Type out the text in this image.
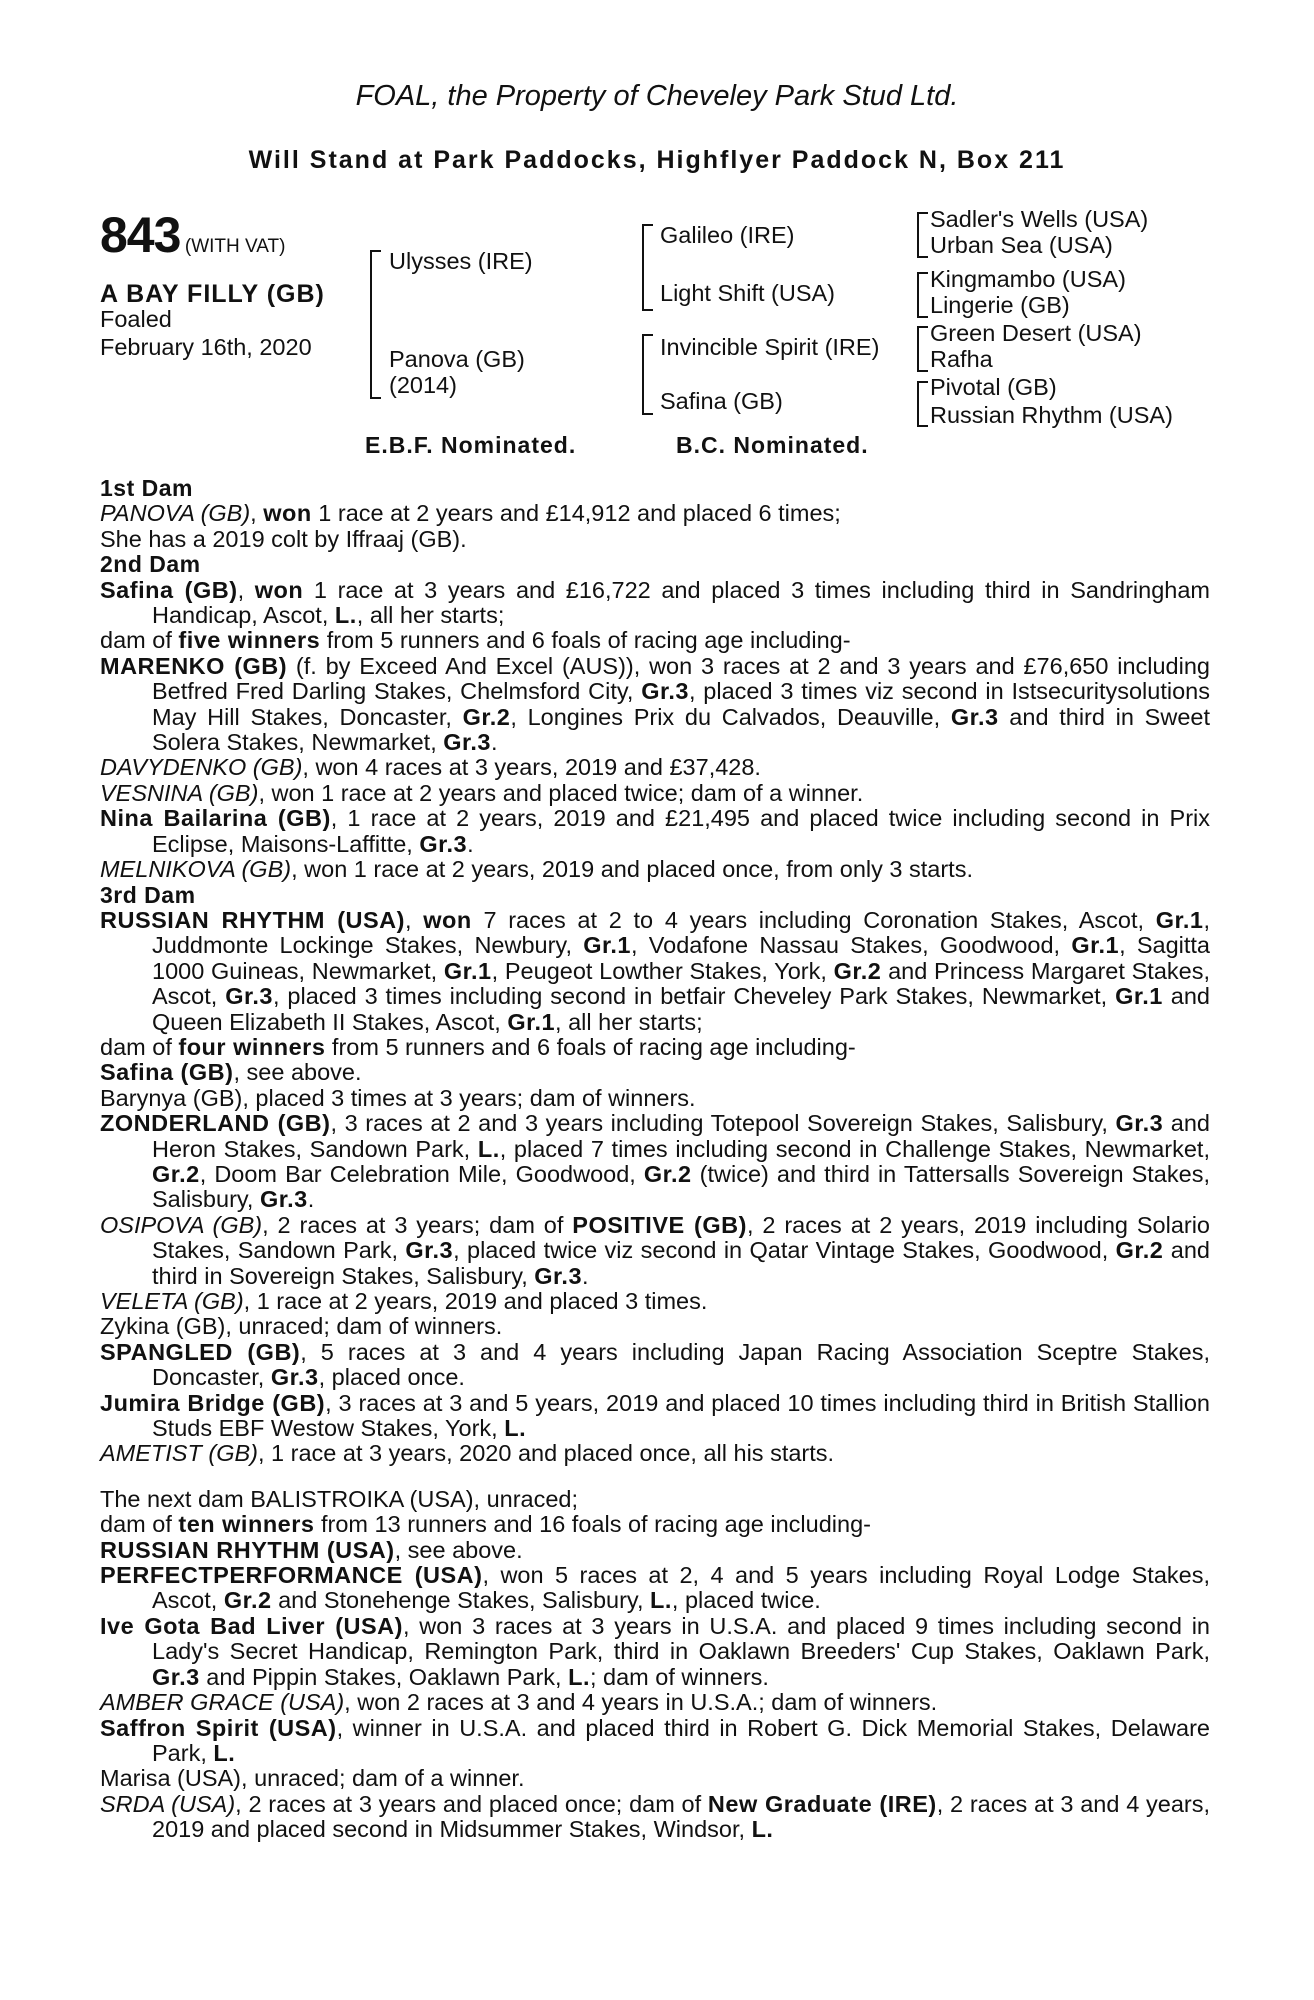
FOAL, the Property of Cheveley Park Stud Ltd.
Will Stand at Park Paddocks, Highflyer Paddock N, Box 211
843 (WITH VAT)
A BAY FILLY (GB)
Foaled
February 16th, 2020
Ulysses (IRE)
Panova (GB)
(2014)
Galileo (IRE)
Light Shift (USA)
Invincible Spirit (IRE)
Safina (GB)
Sadler's Wells (USA)
Urban Sea (USA)
Kingmambo (USA)
Lingerie (GB)
Green Desert (USA)
Rafha
Pivotal (GB)
Russian Rhythm (USA)
E.B.F. Nominated.	B.C. Nominated.

1st Dam

PANOVA (GB), won 1 race at 2 years and £14,912 and placed 6 times;

She has a 2019 colt by Iffraaj (GB).

2nd Dam

Safina (GB), won 1 race at 3 years and £16,722 and placed 3 times including third in Sandringham Handicap, Ascot, L., all her starts;

dam of five winners from 5 runners and 6 foals of racing age including-

MARENKO (GB) (f. by Exceed And Excel (AUS)), won 3 races at 2 and 3 years and £76,650 including Betfred Fred Darling Stakes, Chelmsford City, Gr.3, placed 3 times viz second in Istsecuritysolutions May Hill Stakes, Doncaster, Gr.2, Longines Prix du Calvados, Deauville, Gr.3 and third in Sweet Solera Stakes, Newmarket, Gr.3.

DAVYDENKO (GB), won 4 races at 3 years, 2019 and £37,428.

VESNINA (GB), won 1 race at 2 years and placed twice; dam of a winner.

Nina Bailarina (GB), 1 race at 2 years, 2019 and £21,495 and placed twice including second in Prix Eclipse, Maisons-Laffitte, Gr.3.

MELNIKOVA (GB), won 1 race at 2 years, 2019 and placed once, from only 3 starts.

3rd Dam

RUSSIAN RHYTHM (USA), won 7 races at 2 to 4 years including Coronation Stakes, Ascot, Gr.1, Juddmonte Lockinge Stakes, Newbury, Gr.1, Vodafone Nassau Stakes, Goodwood, Gr.1, Sagitta 1000 Guineas, Newmarket, Gr.1, Peugeot Lowther Stakes, York, Gr.2 and Princess Margaret Stakes, Ascot, Gr.3, placed 3 times including second in betfair Cheveley Park Stakes, Newmarket, Gr.1 and Queen Elizabeth II Stakes, Ascot, Gr.1, all her starts;

dam of four winners from 5 runners and 6 foals of racing age including-

Safina (GB), see above.

Barynya (GB), placed 3 times at 3 years; dam of winners.

ZONDERLAND (GB), 3 races at 2 and 3 years including Totepool Sovereign Stakes, Salisbury, Gr.3 and Heron Stakes, Sandown Park, L., placed 7 times including second in Challenge Stakes, Newmarket, Gr.2, Doom Bar Celebration Mile, Goodwood, Gr.2 (twice) and third in Tattersalls Sovereign Stakes, Salisbury, Gr.3.

OSIPOVA (GB), 2 races at 3 years; dam of POSITIVE (GB), 2 races at 2 years, 2019 including Solario Stakes, Sandown Park, Gr.3, placed twice viz second in Qatar Vintage Stakes, Goodwood, Gr.2 and third in Sovereign Stakes, Salisbury, Gr.3.

VELETA (GB), 1 race at 2 years, 2019 and placed 3 times.

Zykina (GB), unraced; dam of winners.

SPANGLED (GB), 5 races at 3 and 4 years including Japan Racing Association Sceptre Stakes, Doncaster, Gr.3, placed once.

Jumira Bridge (GB), 3 races at 3 and 5 years, 2019 and placed 10 times including third in British Stallion Studs EBF Westow Stakes, York, L.

AMETIST (GB), 1 race at 3 years, 2020 and placed once, all his starts.

The next dam BALISTROIKA (USA), unraced;

dam of ten winners from 13 runners and 16 foals of racing age including-

RUSSIAN RHYTHM (USA), see above.

PERFECTPERFORMANCE (USA), won 5 races at 2, 4 and 5 years including Royal Lodge Stakes, Ascot, Gr.2 and Stonehenge Stakes, Salisbury, L., placed twice.

Ive Gota Bad Liver (USA), won 3 races at 3 years in U.S.A. and placed 9 times including second in Lady's Secret Handicap, Remington Park, third in Oaklawn Breeders' Cup Stakes, Oaklawn Park, Gr.3 and Pippin Stakes, Oaklawn Park, L.; dam of winners.

AMBER GRACE (USA), won 2 races at 3 and 4 years in U.S.A.; dam of winners.

Saffron Spirit (USA), winner in U.S.A. and placed third in Robert G. Dick Memorial Stakes, Delaware Park, L.

Marisa (USA), unraced; dam of a winner.

SRDA (USA), 2 races at 3 years and placed once; dam of New Graduate (IRE), 2 races at 3 and 4 years, 2019 and placed second in Midsummer Stakes, Windsor, L.
